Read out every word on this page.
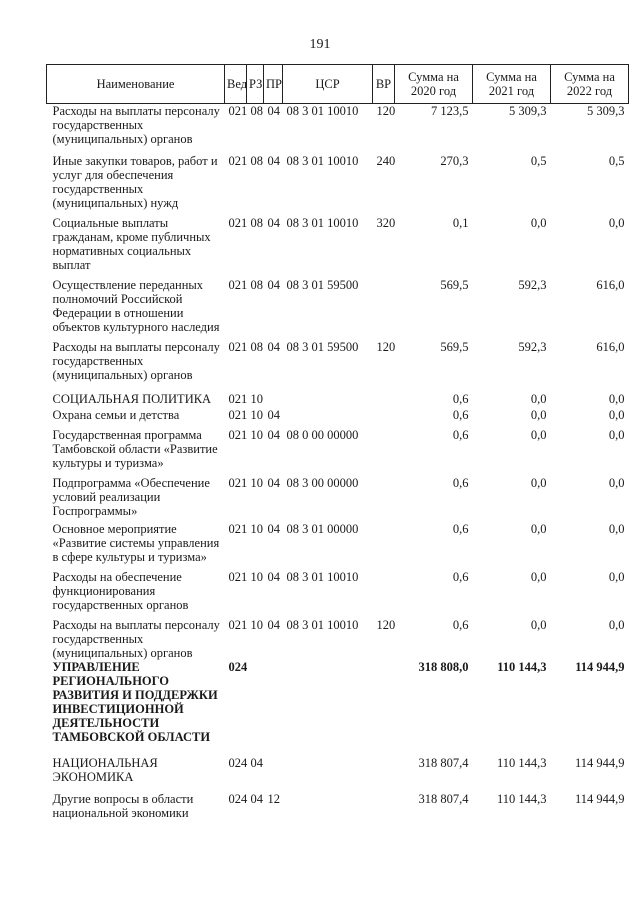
191
Наименование	Вед	РЗ	ПР	ЦСР	ВР	Сумма на 2020 год	Сумма на 2021 год	Сумма на 2022 год
Расходы на выплаты персоналу государственных (муниципальных) органов	021	08	04	08 3 01 10010	120	7 123,5	5 309,3	5 309,3
Иные закупки товаров, работ и услуг для обеспечения государственных (муниципальных) нужд	021	08	04	08 3 01 10010	240	270,3	0,5	0,5
Социальные выплаты гражданам, кроме публичных нормативных социальных выплат	021	08	04	08 3 01 10010	320	0,1	0,0	0,0
Осуществление переданных полномочий Российской Федерации в отношении объектов культурного наследия	021	08	04	08 3 01 59500		569,5	592,3	616,0
Расходы на выплаты персоналу государственных (муниципальных) органов	021	08	04	08 3 01 59500	120	569,5	592,3	616,0
СОЦИАЛЬНАЯ ПОЛИТИКА	021	10				0,6	0,0	0,0
Охрана семьи и детства	021	10	04			0,6	0,0	0,0
Государственная программа Тамбовской области «Развитие культуры и туризма»	021	10	04	08 0 00 00000		0,6	0,0	0,0
Подпрограмма «Обеспечение условий реализации Госпрограммы»	021	10	04	08 3 00 00000		0,6	0,0	0,0
Основное мероприятие «Развитие системы управления в сфере культуры и туризма»	021	10	04	08 3 01 00000		0,6	0,0	0,0
Расходы на обеспечение функционирования государственных органов	021	10	04	08 3 01 10010		0,6	0,0	0,0
Расходы на выплаты персоналу государственных (муниципальных) органов	021	10	04	08 3 01 10010	120	0,6	0,0	0,0
УПРАВЛЕНИЕ РЕГИОНАЛЬНОГО РАЗВИТИЯ И ПОДДЕРЖКИ ИНВЕСТИЦИОННОЙ ДЕЯТЕЛЬНОСТИ ТАМБОВСКОЙ ОБЛАСТИ	024					318 808,0	110 144,3	114 944,9
НАЦИОНАЛЬНАЯ ЭКОНОМИКА	024	04				318 807,4	110 144,3	114 944,9
Другие вопросы в области национальной экономики	024	04	12			318 807,4	110 144,3	114 944,9
